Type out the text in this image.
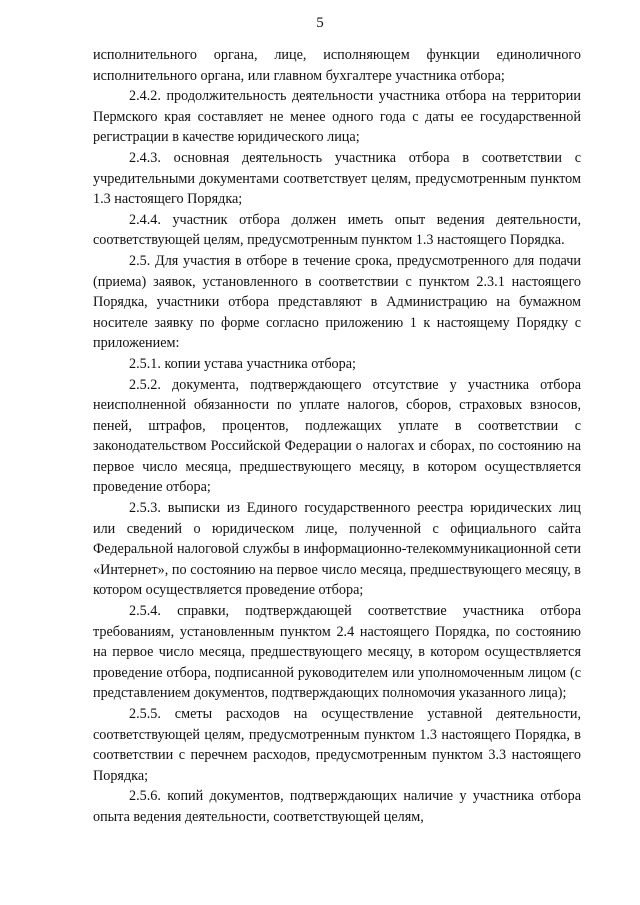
5

исполнительного органа, лице, исполняющем функции единоличного исполнительного органа, или главном бухгалтере участника отбора;

2.4.2. продолжительность деятельности участника отбора на территории Пермского края составляет не менее одного года с даты ее государственной регистрации в качестве юридического лица;

2.4.3. основная деятельность участника отбора в соответствии с учредительными документами соответствует целям, предусмотренным пунктом 1.3 настоящего Порядка;

2.4.4. участник отбора должен иметь опыт ведения деятельности, соответствующей целям, предусмотренным пунктом 1.3 настоящего Порядка.

2.5. Для участия в отборе в течение срока, предусмотренного для подачи (приема) заявок, установленного в соответствии с пунктом 2.3.1 настоящего Порядка, участники отбора представляют в Администрацию на бумажном носителе заявку по форме согласно приложению 1 к настоящему Порядку с приложением:

2.5.1. копии устава участника отбора;

2.5.2. документа, подтверждающего отсутствие у участника отбора неисполненной обязанности по уплате налогов, сборов, страховых взносов, пеней, штрафов, процентов, подлежащих уплате в соответствии с законодательством Российской Федерации о налогах и сборах, по состоянию на первое число месяца, предшествующего месяцу, в котором осуществляется проведение отбора;

2.5.3. выписки из Единого государственного реестра юридических лиц или сведений о юридическом лице, полученной с официального сайта Федеральной налоговой службы в информационно-телекоммуникационной сети «Интернет», по состоянию на первое число месяца, предшествующего месяцу, в котором осуществляется проведение отбора;

2.5.4. справки, подтверждающей соответствие участника отбора требованиям, установленным пунктом 2.4 настоящего Порядка, по состоянию на первое число месяца, предшествующего месяцу, в котором осуществляется проведение отбора, подписанной руководителем или уполномоченным лицом (с представлением документов, подтверждающих полномочия указанного лица);

2.5.5. сметы расходов на осуществление уставной деятельности, соответствующей целям, предусмотренным пунктом 1.3 настоящего Порядка, в соответствии с перечнем расходов, предусмотренным пунктом 3.3 настоящего Порядка;

2.5.6. копий документов, подтверждающих наличие у участника отбора опыта ведения деятельности, соответствующей целям,
